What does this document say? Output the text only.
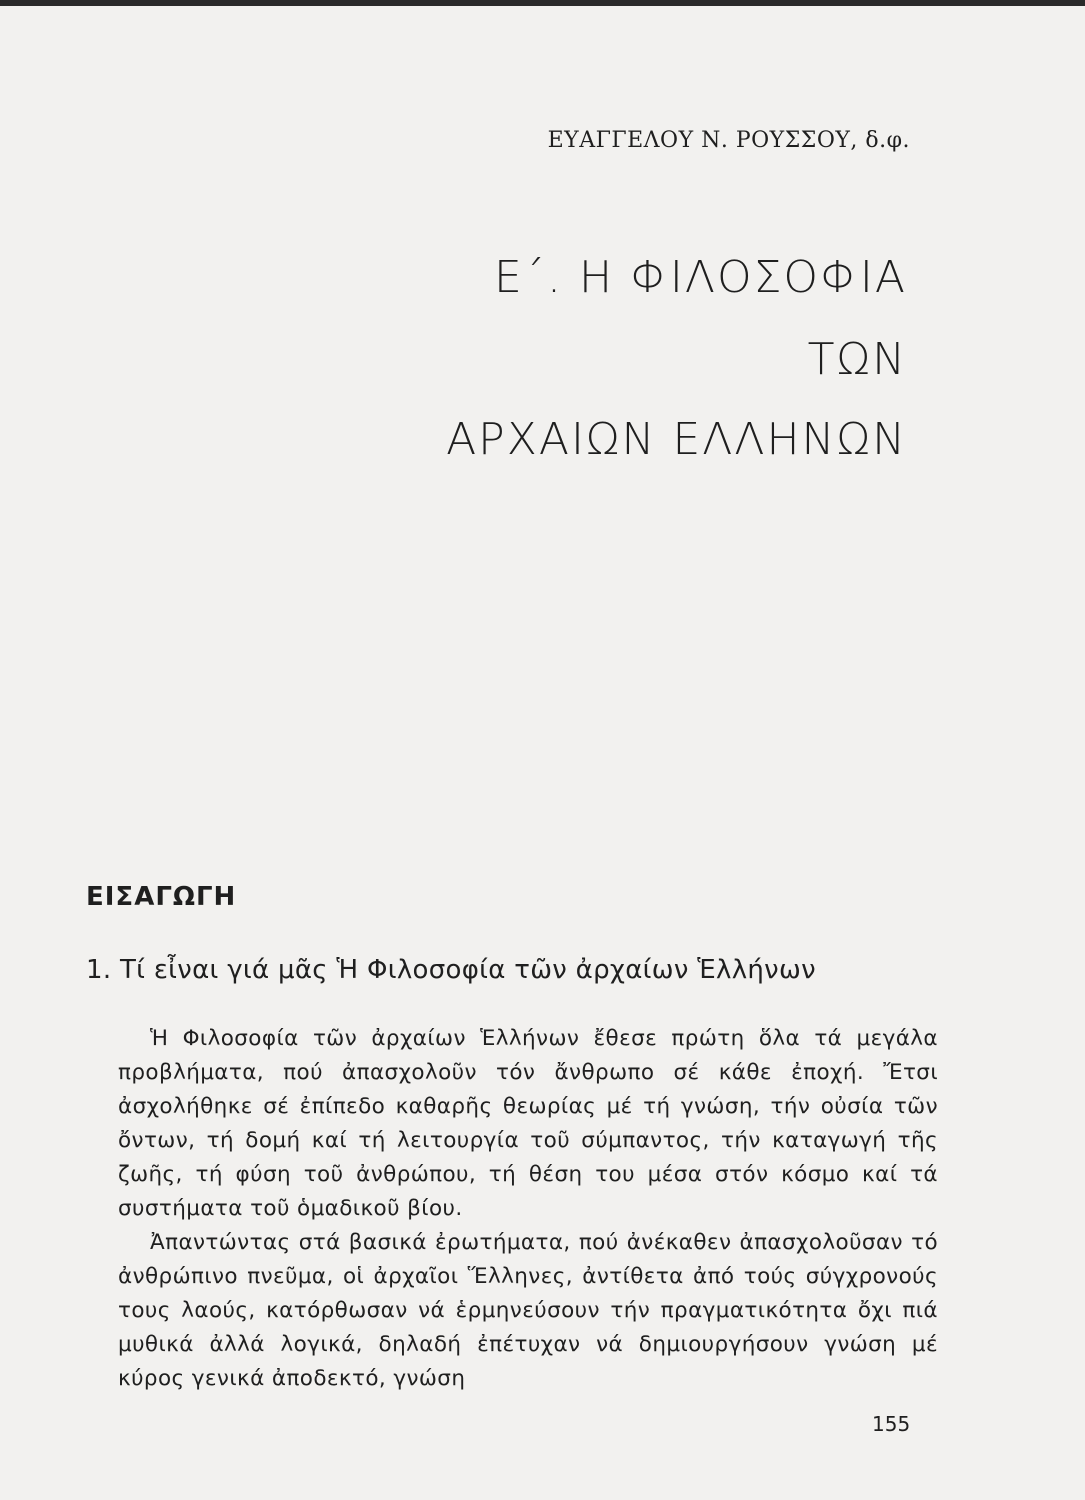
ΕΥΑΓΓΕΛΟΥ Ν. ΡΟΥΣΣΟΥ, δ.φ.
Ε΄. Η ΦΙΛΟΣΟΦΙΑ
ΤΩΝ
ΑΡΧΑΙΩΝ ΕΛΛΗΝΩΝ
ΕΙΣΑΓΩΓΗ
1. Τί εἶναι γιά μᾶς Ἡ Φιλοσοφία τῶν ἀρχαίων Ἑλλήνων

Ἡ Φιλοσοφία τῶν ἀρχαίων Ἑλλήνων ἔθεσε πρώτη ὅλα τά μεγάλα προβλήματα, πού ἀπασχολοῦν τόν ἄνθρωπο σέ κάθε ἐποχή. Ἔτσι ἀσχολήθηκε σέ ἐπίπεδο καθαρῆς θεωρίας μέ τή γνώση, τήν οὐσία τῶν ὄντων, τή δομή καί τή λειτουργία τοῦ σύμπαντος, τήν καταγωγή τῆς ζωῆς, τή φύση τοῦ ἀνθρώπου, τή θέση του μέσα στόν κόσμο καί τά συστήματα τοῦ ὁμαδικοῦ βίου.

Ἀπαντώντας στά βασικά ἐρωτήματα, πού ἀνέκαθεν ἀπασχολοῦσαν τό ἀνθρώπινο πνεῦμα, οἱ ἀρχαῖοι Ἕλληνες, ἀντίθετα ἀπό τούς σύγχρονούς τους λαούς, κατόρθωσαν νά ἑρμηνεύσουν τήν πραγματικότητα ὄχι πιά μυθικά ἀλλά λογικά, δηλαδή ἐπέτυχαν νά δημιουργήσουν γνώση μέ κύρος γενικά ἀποδεκτό, γνώση

155
